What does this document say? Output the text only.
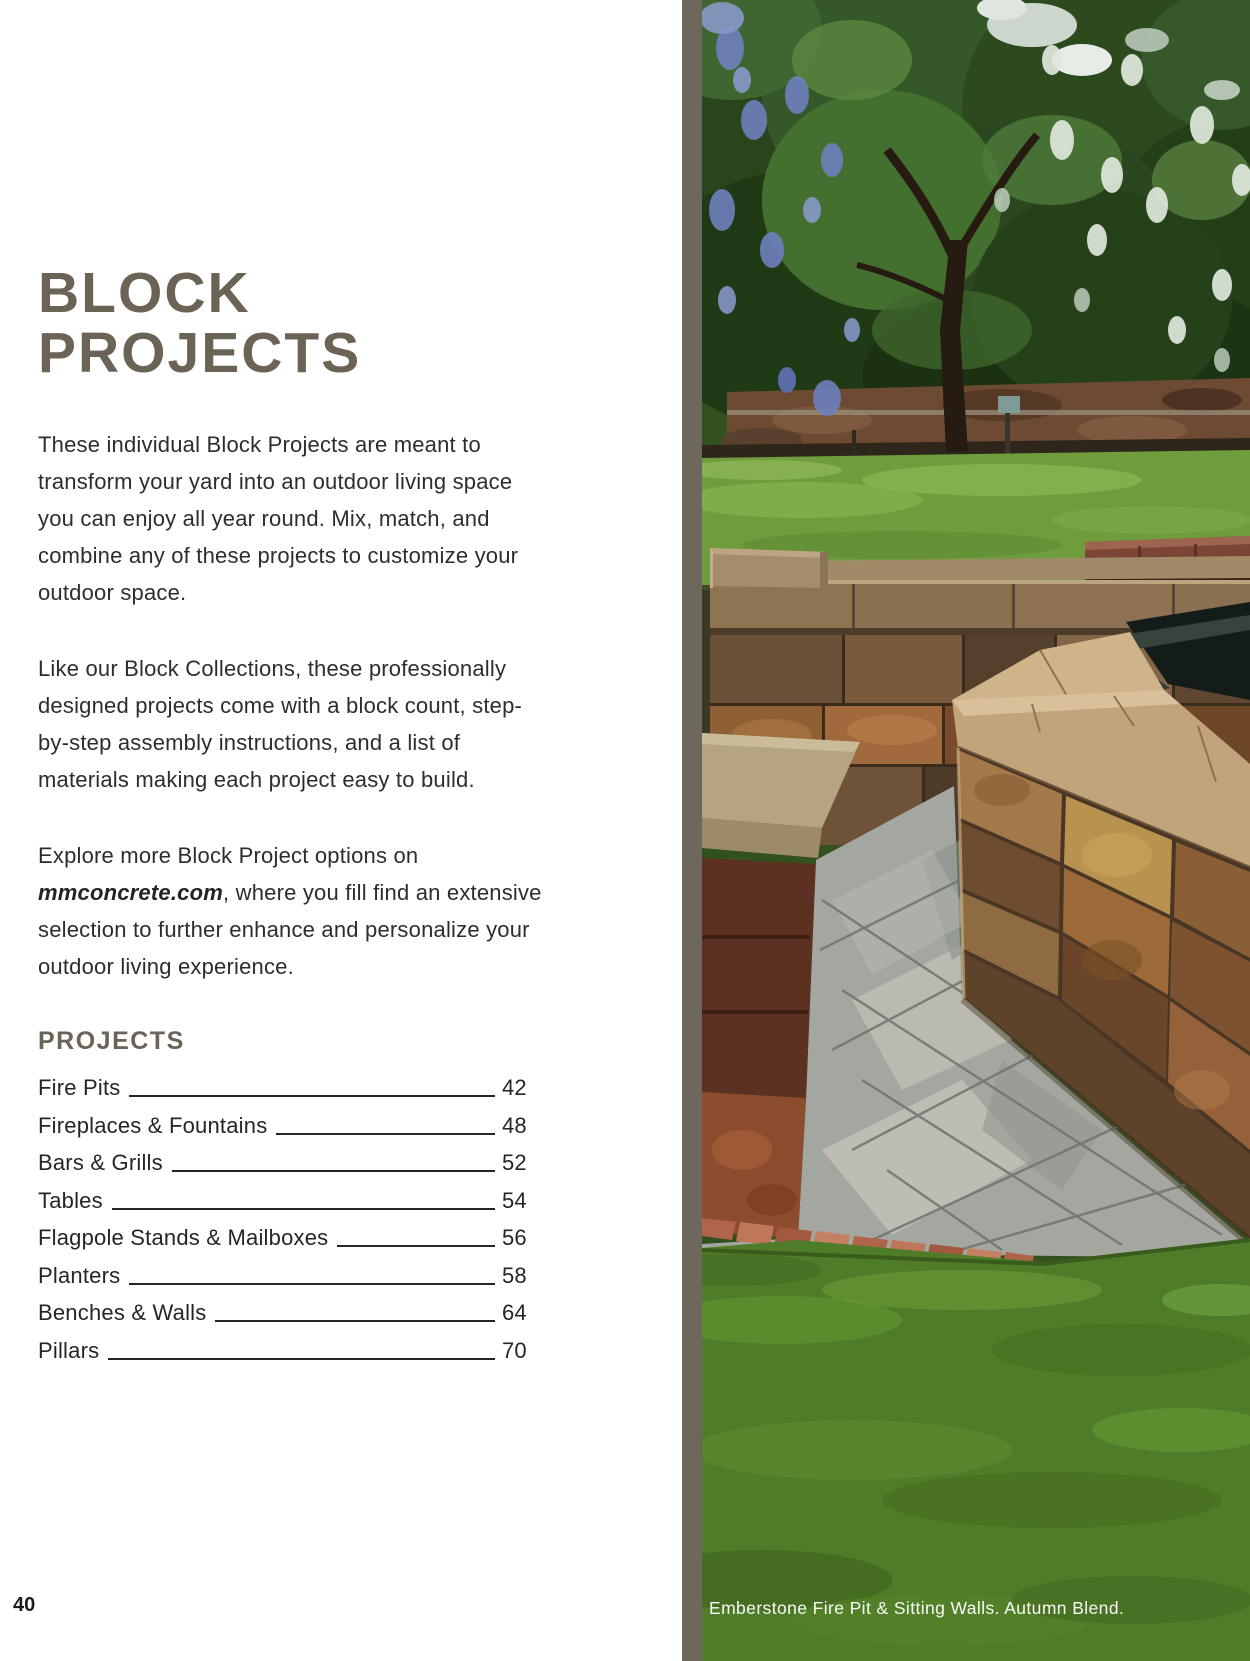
BLOCK PROJECTS

These individual Block Projects are meant to transform your yard into an outdoor living space you can enjoy all year round. Mix, match, and combine any of these projects to customize your outdoor space.

Like our Block Collections, these professionally designed projects come with a block count, step-by-step assembly instructions, and a list of materials making each project easy to build.

Explore more Block Project options on mmconcrete.com, where you fill find an extensive selection to further enhance and personalize your outdoor living experience.

PROJECTS
Fire Pits	42
Fireplaces & Fountains	48
Bars & Grills	52
Tables	54
Flagpole Stands & Mailboxes	56
Planters	58
Benches & Walls	64
Pillars	70
40	Emberstone Fire Pit & Sitting Walls. Autumn Blend.
